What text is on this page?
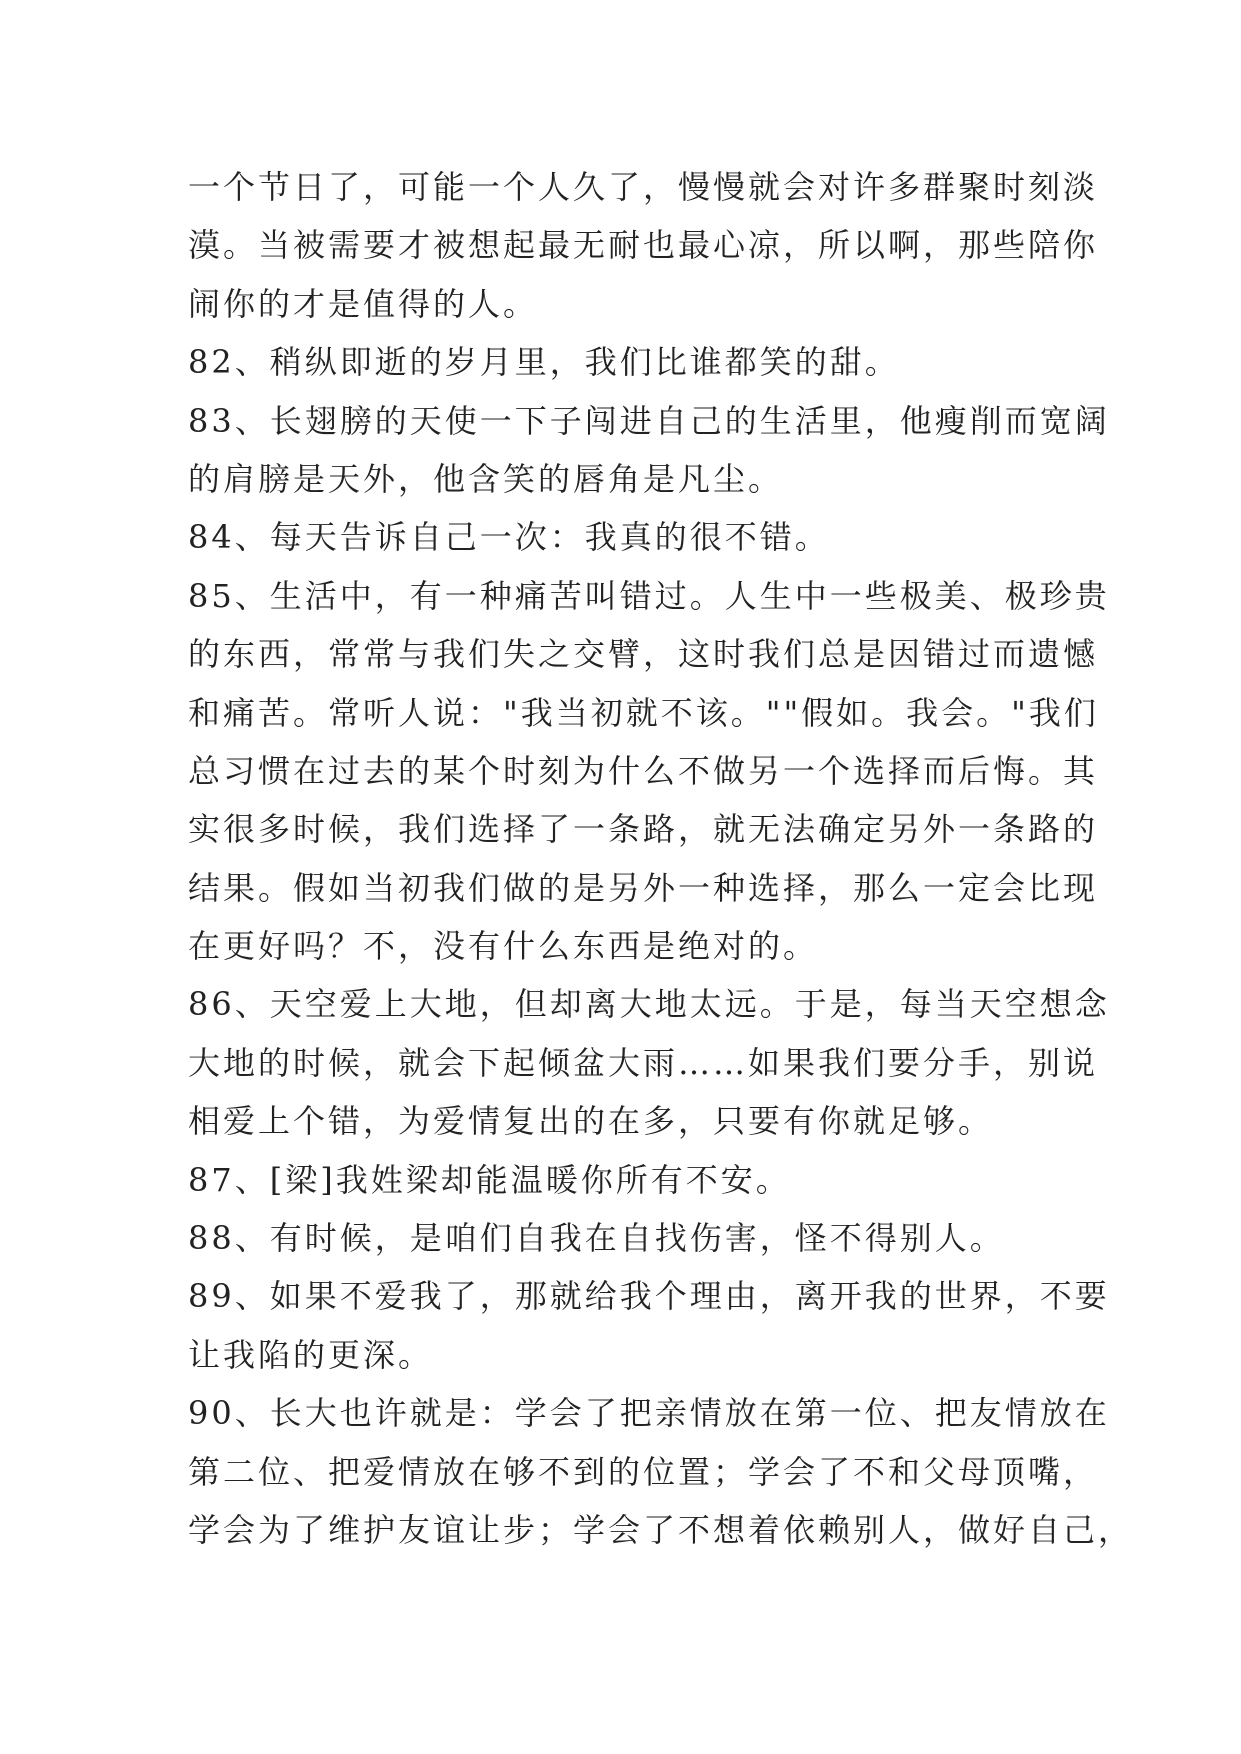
一个节日了，可能一个人久了，慢慢就会对许多群聚时刻淡
漠。当被需要才被想起最无耐也最心凉，所以啊，那些陪你
闹你的才是值得的人。
82、稍纵即逝的岁月里，我们比谁都笑的甜。
83、长翅膀的天使一下子闯进自己的生活里，他瘦削而宽阔
的肩膀是天外，他含笑的唇角是凡尘。
84、每天告诉自己一次：我真的很不错。
85、生活中，有一种痛苦叫错过。人生中一些极美、极珍贵
的东西，常常与我们失之交臂，这时我们总是因错过而遗憾
和痛苦。常听人说："我当初就不该。""假如。我会。"我们
总习惯在过去的某个时刻为什么不做另一个选择而后悔。其
实很多时候，我们选择了一条路，就无法确定另外一条路的
结果。假如当初我们做的是另外一种选择，那么一定会比现
在更好吗？不，没有什么东西是绝对的。
86、天空爱上大地，但却离大地太远。于是，每当天空想念
大地的时候，就会下起倾盆大雨……如果我们要分手，别说
相爱上个错，为爱情复出的在多，只要有你就足够。
87、[梁]我姓梁却能温暖你所有不安。
88、有时候，是咱们自我在自找伤害，怪不得别人。
89、如果不爱我了，那就给我个理由，离开我的世界，不要
让我陷的更深。
90、长大也许就是：学会了把亲情放在第一位、把友情放在
第二位、把爱情放在够不到的位置；学会了不和父母顶嘴，
学会为了维护友谊让步；学会了不想着依赖别人，做好自己，
